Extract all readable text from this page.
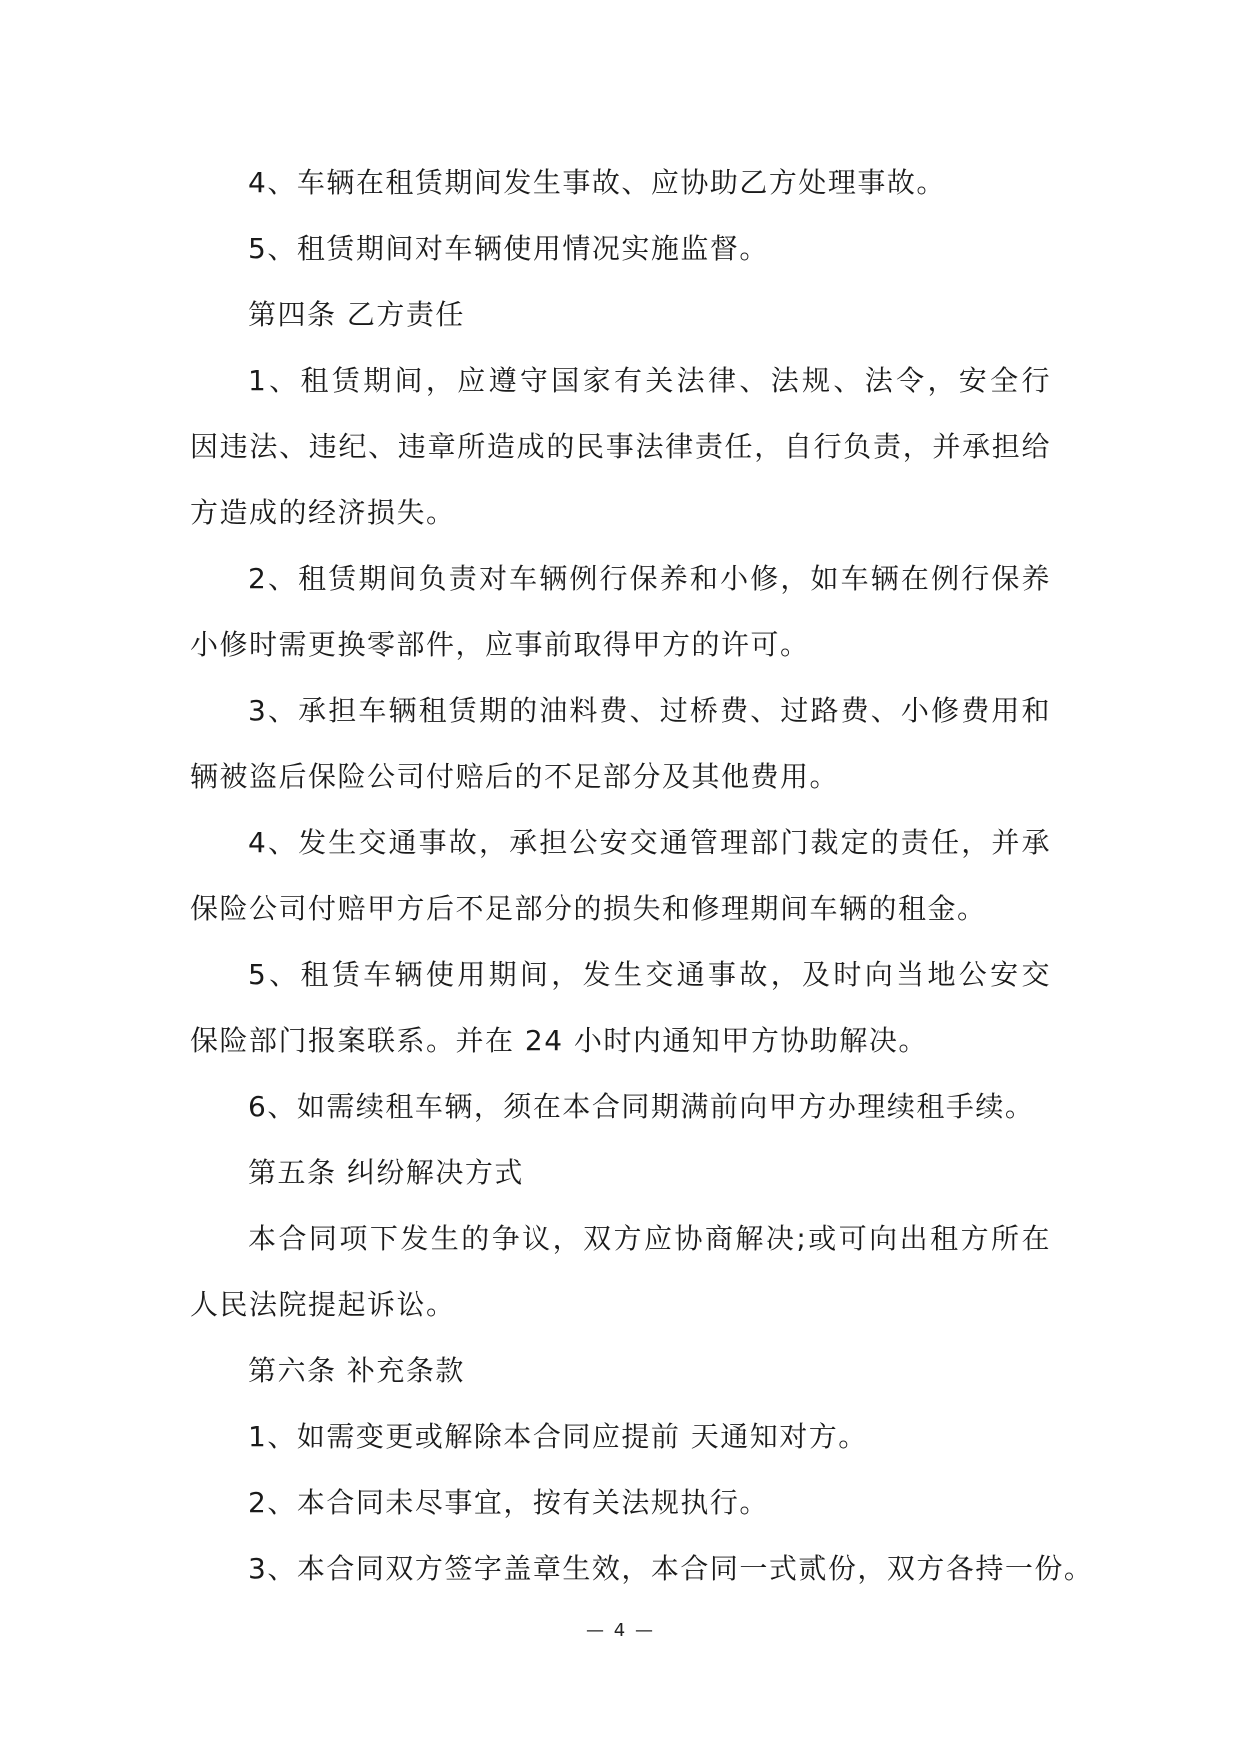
4、车辆在租赁期间发生事故、应协助乙方处理事故。
5、租赁期间对车辆使用情况实施监督。
第四条 乙方责任
1、租赁期间，应遵守国家有关法律、法规、法令，安全行
因违法、违纪、违章所造成的民事法律责任，自行负责，并承担给
方造成的经济损失。
2、租赁期间负责对车辆例行保养和小修，如车辆在例行保养
小修时需更换零部件，应事前取得甲方的许可。
3、承担车辆租赁期的油料费、过桥费、过路费、小修费用和
辆被盗后保险公司付赔后的不足部分及其他费用。
4、发生交通事故，承担公安交通管理部门裁定的责任，并承
保险公司付赔甲方后不足部分的损失和修理期间车辆的租金。
5、租赁车辆使用期间，发生交通事故，及时向当地公安交
保险部门报案联系。并在 24 小时内通知甲方协助解决。
6、如需续租车辆，须在本合同期满前向甲方办理续租手续。
第五条 纠纷解决方式
本合同项下发生的争议，双方应协商解决;或可向出租方所在
人民法院提起诉讼。
第六条 补充条款
1、如需变更或解除本合同应提前 天通知对方。
2、本合同未尽事宜，按有关法规执行。
3、本合同双方签字盖章生效，本合同一式贰份，双方各持一份。
— 4 —
